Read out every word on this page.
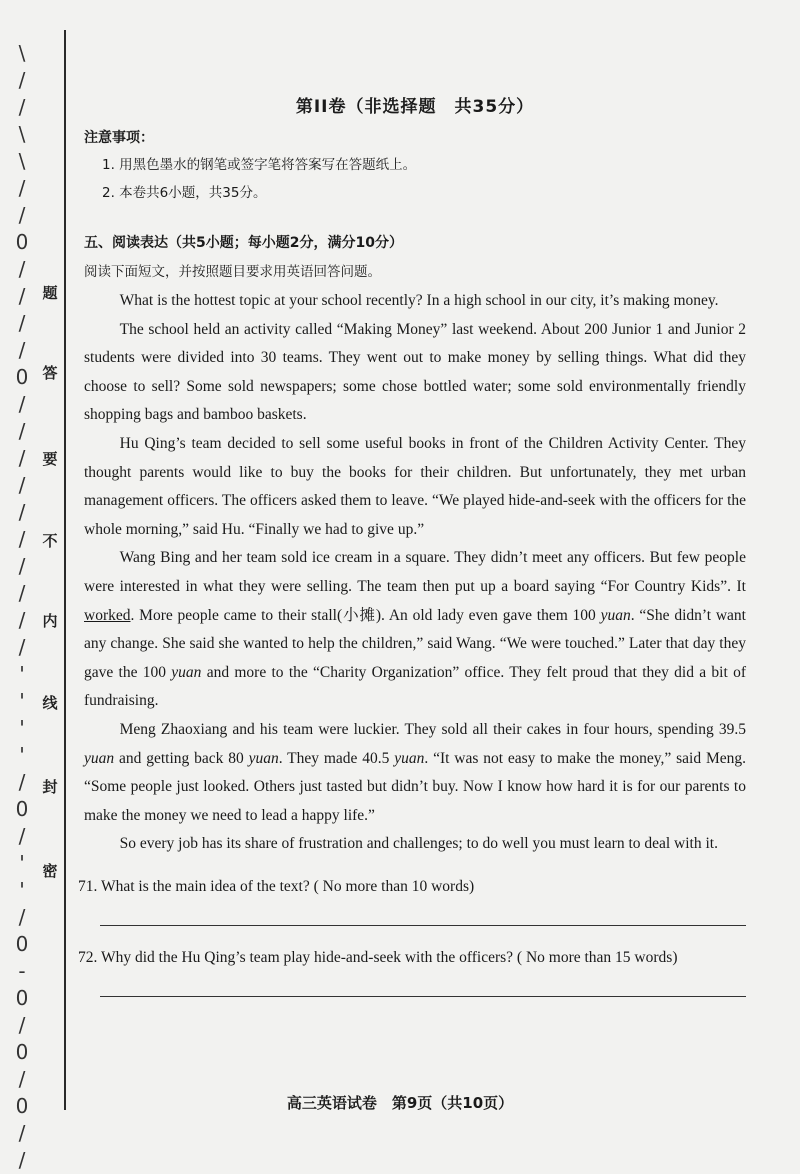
\
/
/
\
\
/
/
0
/
/
/
/
0
/
/
/
/
/
/
/
/
/
/
'
'
'
'
/
0
/
'
'
/
0
-
0
/
0
/
0
/
/
题
答
要
不
内
线
封
密
第II卷（非选择题　共35分）

注意事项：

1. 用黑色墨水的钢笔或签字笔将答案写在答题纸上。

2. 本卷共6小题，共35分。

五、阅读表达（共5小题；每小题2分，满分10分）

阅读下面短文，并按照题目要求用英语回答问题。

What is the hottest topic at your school recently? In a high school in our city, it’s making money.

The school held an activity called “Making Money” last weekend. About 200 Junior 1 and Junior 2 students were divided into 30 teams. They went out to make money by selling things. What did they choose to sell? Some sold newspapers; some chose bottled water; some sold environmentally friendly shopping bags and bamboo baskets.

Hu Qing’s team decided to sell some useful books in front of the Children Activity Center. They thought parents would like to buy the books for their children. But unfortunately, they met urban management officers. The officers asked them to leave. “We played hide-and-seek with the officers for the whole morning,” said Hu. “Finally we had to give up.”

Wang Bing and her team sold ice cream in a square. They didn’t meet any officers. But few people were interested in what they were selling. The team then put up a board saying “For Country Kids”. It worked. More people came to their stall(小摊). An old lady even gave them 100 yuan. “She didn’t want any change. She said she wanted to help the children,” said Wang. “We were touched.” Later that day they gave the 100 yuan and more to the “Charity Organization” office. They felt proud that they did a bit of fundraising.

Meng Zhaoxiang and his team were luckier. They sold all their cakes in four hours, spending 39.5 yuan and getting back 80 yuan. They made 40.5 yuan. “It was not easy to make the money,” said Meng. “Some people just looked. Others just tasted but didn’t buy. Now I know how hard it is for our parents to make the money we need to lead a happy life.”

So every job has its share of frustration and challenges; to do well you must learn to deal with it.

71. What is the main idea of the text? ( No more than 10 words)

72. Why did the Hu Qing’s team play hide-and-seek with the officers? ( No more than 15 words)

高三英语试卷　第9页（共10页）
